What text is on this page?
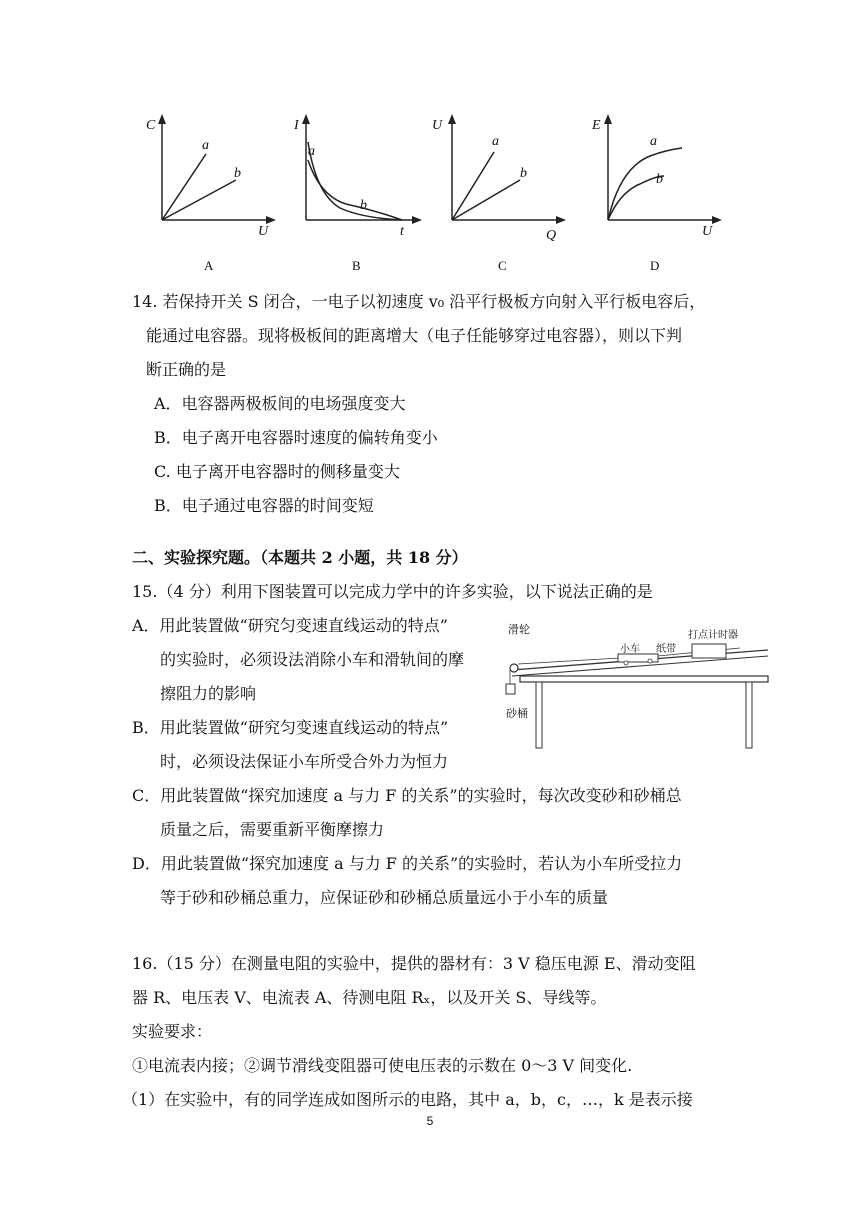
C
a
b
U
A
I
a
b
t
B
U
a
b
Q
C
E
a
b
U
D
14. 若保持开关 S 闭合，一电子以初速度 v₀ 沿平行极板方向射入平行板电容后，
能通过电容器。现将极板间的距离增大（电子任能够穿过电容器），则以下判
断正确的是
A．电容器两极板间的电场强度变大
B．电子离开电容器时速度的偏转角变小
C. 电子离开电容器时的侧移量变大
B．电子通过电容器的时间变短
二、实验探究题。（本题共 2 小题，共 18 分）
15.（4 分）利用下图装置可以完成力学中的许多实验，以下说法正确的是
A．用此装置做“研究匀变速直线运动的特点”
的实验时，必须设法消除小车和滑轨间的摩
擦阻力的影响
B．用此装置做“研究匀变速直线运动的特点”
时，必须设法保证小车所受合外力为恒力
C．用此装置做“探究加速度 a 与力 F 的关系”的实验时，每次改变砂和砂桶总
质量之后，需要重新平衡摩擦力
D．用此装置做“探究加速度 a 与力 F 的关系”的实验时，若认为小车所受拉力
等于砂和砂桶总重力，应保证砂和砂桶总质量远小于小车的质量
滑轮
小车 纸带
打点计时器
砂桶
16.（15 分）在测量电阻的实验中，提供的器材有：3 V 稳压电源 E、滑动变阻
器 R、电压表 V、电流表 A、待测电阻 Rₓ，以及开关 S、导线等。
实验要求：
①电流表内接；②调节滑线变阻器可使电压表的示数在 0～3 V 间变化.
（1）在实验中，有的同学连成如图所示的电路，其中 a，b，c，…，k 是表示接
5
